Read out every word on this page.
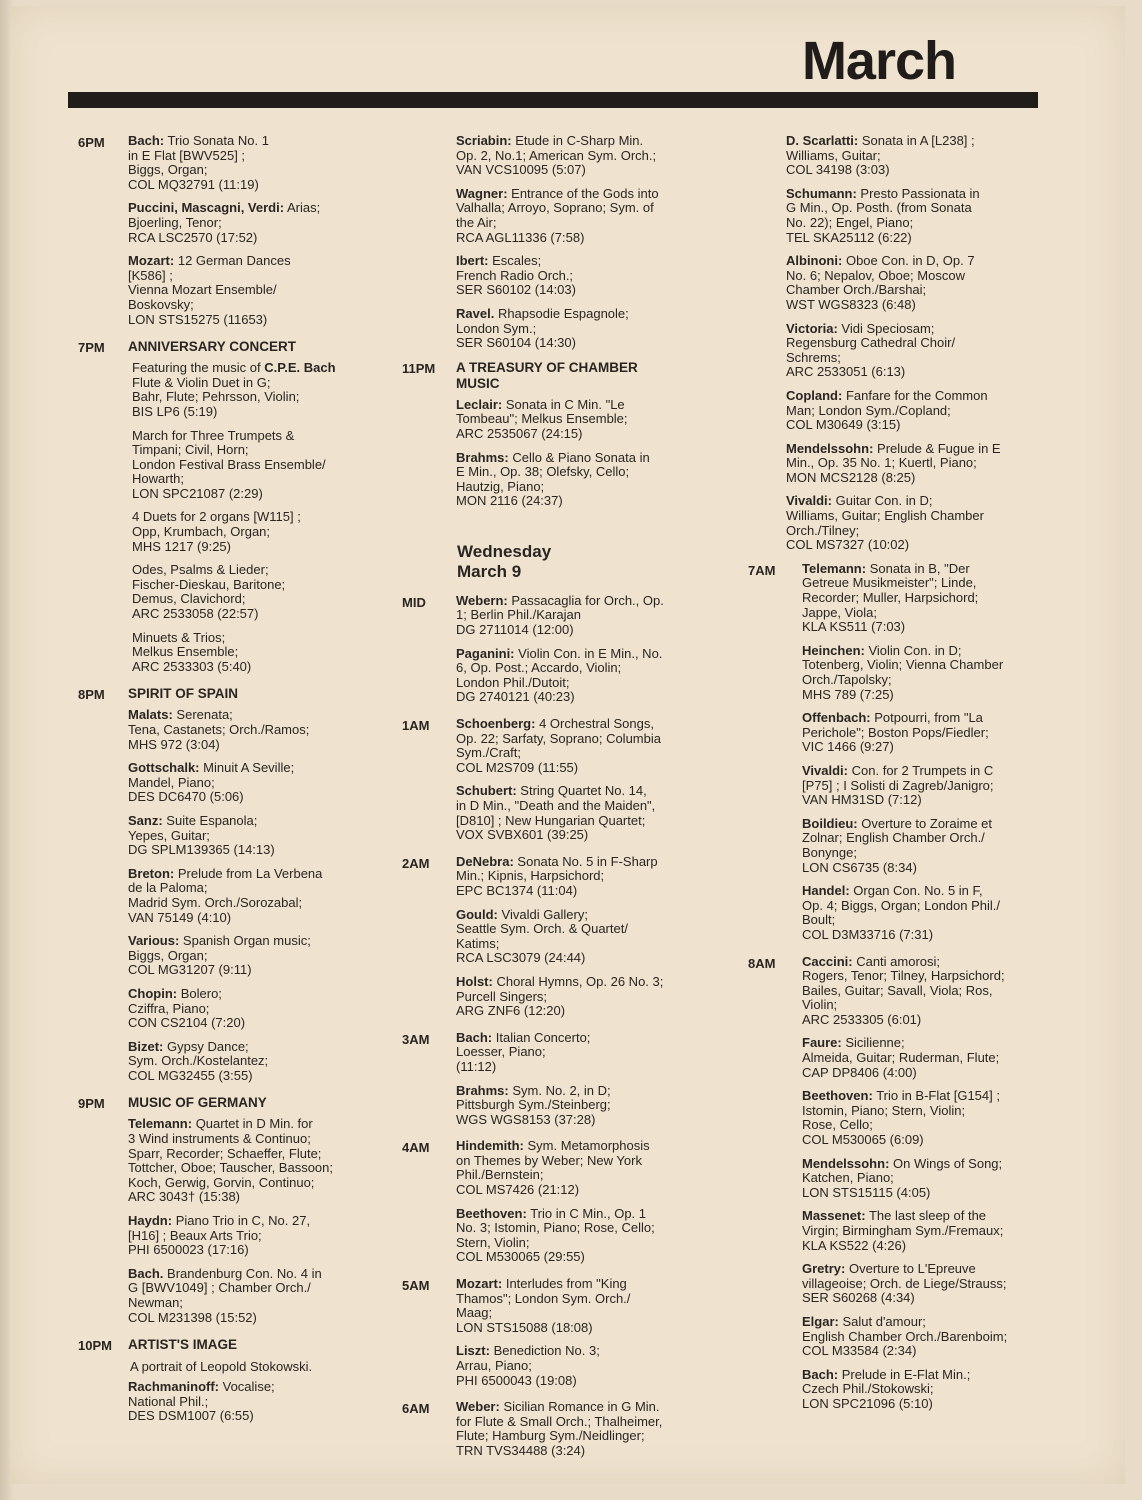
March
6PM	Bach: Trio Sonata No. 1
in E Flat [BWV525] ;
Biggs, Organ;
COL MQ32791 (11:19)
Puccini, Mascagni, Verdi: Arias;
Bjoerling, Tenor;
RCA LSC2570 (17:52)
Mozart: 12 German Dances
[K586] ;
Vienna Mozart Ensemble/
Boskovsky;
LON STS15275 (11653)
7PM	ANNIVERSARY CONCERT
Featuring the music of C.P.E. Bach
Flute & Violin Duet in G;
Bahr, Flute; Pehrsson, Violin;
BIS LP6 (5:19)
March for Three Trumpets &
Timpani; Civil, Horn;
London Festival Brass Ensemble/
Howarth;
LON SPC21087 (2:29)
4 Duets for 2 organs [W115] ;
Opp, Krumbach, Organ;
MHS 1217 (9:25)
Odes, Psalms & Lieder;
Fischer-Dieskau, Baritone;
Demus, Clavichord;
ARC 2533058 (22:57)
Minuets & Trios;
Melkus Ensemble;
ARC 2533303 (5:40)
8PM	SPIRIT OF SPAIN
Malats: Serenata;
Tena, Castanets; Orch./Ramos;
MHS 972 (3:04)
Gottschalk: Minuit A Seville;
Mandel, Piano;
DES DC6470 (5:06)
Sanz: Suite Espanola;
Yepes, Guitar;
DG SPLM139365 (14:13)
Breton: Prelude from La Verbena
de la Paloma;
Madrid Sym. Orch./Sorozabal;
VAN 75149 (4:10)
Various: Spanish Organ music;
Biggs, Organ;
COL MG31207 (9:11)
Chopin: Bolero;
Cziffra, Piano;
CON CS2104 (7:20)
Bizet: Gypsy Dance;
Sym. Orch./Kostelantez;
COL MG32455 (3:55)
9PM	MUSIC OF GERMANY
Telemann: Quartet in D Min. for
3 Wind instruments & Continuo;
Sparr, Recorder; Schaeffer, Flute;
Tottcher, Oboe; Tauscher, Bassoon;
Koch, Gerwig, Gorvin, Continuo;
ARC 3043† (15:38)
Haydn: Piano Trio in C, No. 27,
[H16] ; Beaux Arts Trio;
PHI 6500023 (17:16)
Bach. Brandenburg Con. No. 4 in
G [BWV1049] ; Chamber Orch./
Newman;
COL M231398 (15:52)
10PM	ARTIST'S IMAGE
A portrait of Leopold Stokowski.
Rachmaninoff: Vocalise;
National Phil.;
DES DSM1007 (6:55)
Scriabin: Etude in C-Sharp Min.
Op. 2, No.1; American Sym. Orch.;
VAN VCS10095 (5:07)
Wagner: Entrance of the Gods into
Valhalla; Arroyo, Soprano; Sym. of
the Air;
RCA AGL11336 (7:58)
Ibert: Escales;
French Radio Orch.;
SER S60102 (14:03)
Ravel. Rhapsodie Espagnole;
London Sym.;
SER S60104 (14:30)
11PM	A TREASURY OF CHAMBER
MUSIC
Leclair: Sonata in C Min. "Le
Tombeau"; Melkus Ensemble;
ARC 2535067 (24:15)
Brahms: Cello & Piano Sonata in
E Min., Op. 38; Olefsky, Cello;
Hautzig, Piano;
MON 2116 (24:37)
Wednesday
March 9
MID	Webern: Passacaglia for Orch., Op.
1; Berlin Phil./Karajan
DG 2711014 (12:00)
Paganini: Violin Con. in E Min., No.
6, Op. Post.; Accardo, Violin;
London Phil./Dutoit;
DG 2740121 (40:23)
1AM	Schoenberg: 4 Orchestral Songs,
Op. 22; Sarfaty, Soprano; Columbia
Sym./Craft;
COL M2S709 (11:55)
Schubert: String Quartet No. 14,
in D Min., "Death and the Maiden",
[D810] ; New Hungarian Quartet;
VOX SVBX601 (39:25)
2AM	DeNebra: Sonata No. 5 in F-Sharp
Min.; Kipnis, Harpsichord;
EPC BC1374 (11:04)
Gould: Vivaldi Gallery;
Seattle Sym. Orch. & Quartet/
Katims;
RCA LSC3079 (24:44)
Holst: Choral Hymns, Op. 26 No. 3;
Purcell Singers;
ARG ZNF6 (12:20)
3AM	Bach: Italian Concerto;
Loesser, Piano;
(11:12)
Brahms: Sym. No. 2, in D;
Pittsburgh Sym./Steinberg;
WGS WGS8153 (37:28)
4AM	Hindemith: Sym. Metamorphosis
on Themes by Weber; New York
Phil./Bernstein;
COL MS7426 (21:12)
Beethoven: Trio in C Min., Op. 1
No. 3; Istomin, Piano; Rose, Cello;
Stern, Violin;
COL M530065 (29:55)
5AM	Mozart: Interludes from "King
Thamos"; London Sym. Orch./
Maag;
LON STS15088 (18:08)
Liszt: Benediction No. 3;
Arrau, Piano;
PHI 6500043 (19:08)
6AM	Weber: Sicilian Romance in G Min.
for Flute & Small Orch.; Thalheimer,
Flute; Hamburg Sym./Neidlinger;
TRN TVS34488 (3:24)
D. Scarlatti: Sonata in A [L238] ;
Williams, Guitar;
COL 34198 (3:03)
Schumann: Presto Passionata in
G Min., Op. Posth. (from Sonata
No. 22); Engel, Piano;
TEL SKA25112 (6:22)
Albinoni: Oboe Con. in D, Op. 7
No. 6; Nepalov, Oboe; Moscow
Chamber Orch./Barshai;
WST WGS8323 (6:48)
Victoria: Vidi Speciosam;
Regensburg Cathedral Choir/
Schrems;
ARC 2533051 (6:13)
Copland: Fanfare for the Common
Man; London Sym./Copland;
COL M30649 (3:15)
Mendelssohn: Prelude & Fugue in E
Min., Op. 35 No. 1; Kuertl, Piano;
MON MCS2128 (8:25)
Vivaldi: Guitar Con. in D;
Williams, Guitar; English Chamber
Orch./Tilney;
COL MS7327 (10:02)
7AM	Telemann: Sonata in B, "Der
Getreue Musikmeister"; Linde,
Recorder; Muller, Harpsichord;
Jappe, Viola;
KLA KS511 (7:03)
Heinchen: Violin Con. in D;
Totenberg, Violin; Vienna Chamber
Orch./Tapolsky;
MHS 789 (7:25)
Offenbach: Potpourri, from "La
Perichole"; Boston Pops/Fiedler;
VIC 1466 (9:27)
Vivaldi: Con. for 2 Trumpets in C
[P75] ; I Solisti di Zagreb/Janigro;
VAN HM31SD (7:12)
Boildieu: Overture to Zoraime et
Zolnar; English Chamber Orch./
Bonynge;
LON CS6735 (8:34)
Handel: Organ Con. No. 5 in F,
Op. 4; Biggs, Organ; London Phil./
Boult;
COL D3M33716 (7:31)
8AM	Caccini: Canti amorosi;
Rogers, Tenor; Tilney, Harpsichord;
Bailes, Guitar; Savall, Viola; Ros,
Violin;
ARC 2533305 (6:01)
Faure: Sicilienne;
Almeida, Guitar; Ruderman, Flute;
CAP DP8406 (4:00)
Beethoven: Trio in B-Flat [G154] ;
Istomin, Piano; Stern, Violin;
Rose, Cello;
COL M530065 (6:09)
Mendelssohn: On Wings of Song;
Katchen, Piano;
LON STS15115 (4:05)
Massenet: The last sleep of the
Virgin; Birmingham Sym./Fremaux;
KLA KS522 (4:26)
Gretry: Overture to L'Epreuve
villageoise; Orch. de Liege/Strauss;
SER S60268 (4:34)
Elgar: Salut d'amour;
English Chamber Orch./Barenboim;
COL M33584 (2:34)
Bach: Prelude in E-Flat Min.;
Czech Phil./Stokowski;
LON SPC21096 (5:10)
